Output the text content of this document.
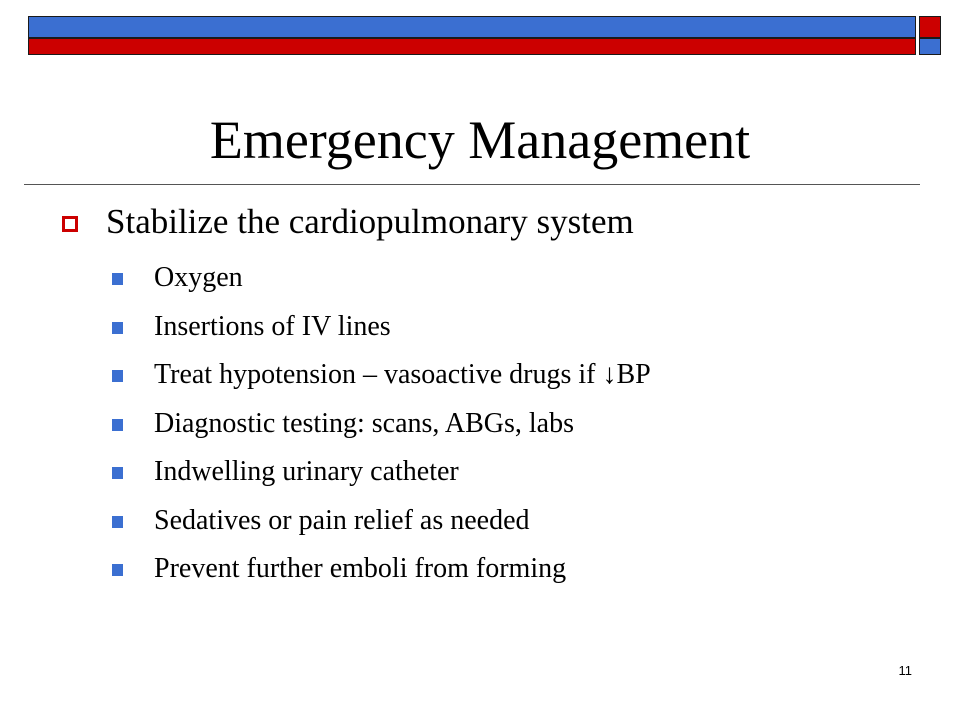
Emergency Management
Stabilize the cardiopulmonary system
Oxygen
Insertions of IV lines
Treat hypotension – vasoactive drugs if ↓BP
Diagnostic testing: scans, ABGs, labs
Indwelling urinary catheter
Sedatives or pain relief as needed
Prevent further emboli from forming
11
